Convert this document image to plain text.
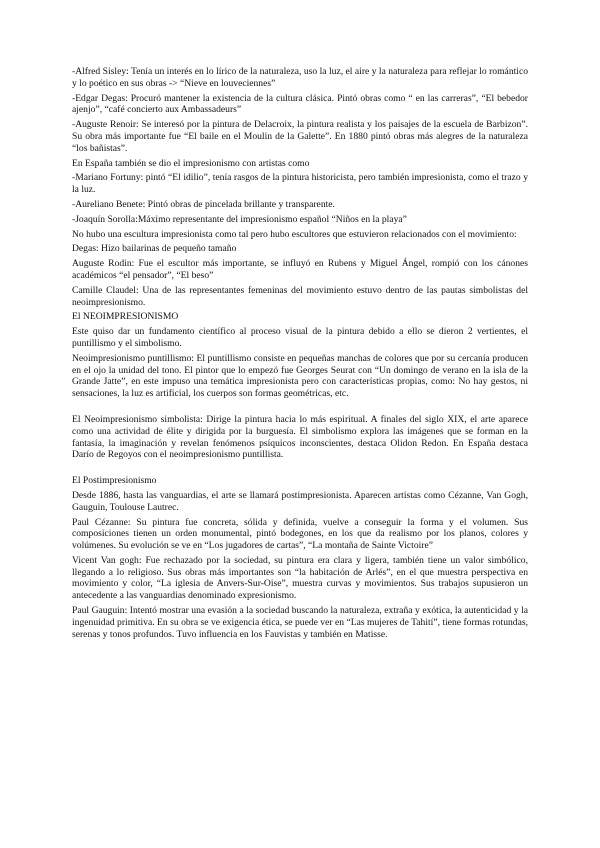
-Alfred Sisley: Tenía un interés en lo lírico de la naturaleza, uso la luz, el aire y la naturaleza para reflejar lo romántico y lo poético en sus obras -> “Nieve en louveciennes”

-Edgar Degas: Procuró mantener la existencia de la cultura clásica. Pintó obras como “ en las carreras”, “El bebedor ajenjo”, “café concierto aux Ambassadeurs”

-Auguste Renoir: Se interesó por la pintura de Delacroix, la pintura realista y los paisajes de la escuela de Barbizon”. Su obra más importante fue “El baile en el Moulin de la Galette”. En 1880 pintó obras más alegres de la naturaleza “los bañistas”.

En España también se dio el impresionismo con artistas como

-Mariano Fortuny: pintó “El idilio”, tenía rasgos de la pintura historicista, pero también impresionista, como el trazo y la luz.

-Aureliano Benete: Pintó obras de pincelada brillante y transparente.

-Joaquín Sorolla:Máximo representante del impresionismo español “Niños en la playa”

No hubo una escultura impresionista como tal pero hubo escultores que estuvieron relacionados con el movimiento:

Degas: Hizo bailarinas de pequeño tamaño

Auguste Rodin: Fue el escultor más importante, se influyó en Rubens y Miguel Ángel, rompió con los cánones académicos “el pensador”, “El beso”

Camille Claudel: Una de las representantes femeninas del movimiento estuvo dentro de las pautas simbolistas del neoimpresionismo.

El NEOIMPRESIONISMO

Este quiso dar un fundamento científico al proceso visual de la pintura debido a ello se dieron 2 vertientes, el puntillismo y el simbolismo.

Neoimpresionismo puntillismo: El puntillismo consiste en pequeñas manchas de colores que por su cercanía producen en el ojo la unidad del tono. El pintor que lo empezó fue Georges Seurat con “Un domingo de verano en la isla de la Grande Jatte”, en este impuso una temática impresionista pero con características propias, como: No hay gestos, ni sensaciones, la luz es artificial, los cuerpos son formas geométricas, etc.

El Neoimpresionismo simbolista: Dirige la pintura hacia lo más espiritual. A finales del siglo XIX, el arte aparece como una actividad de élite y dirigida por la burguesía. El simbolismo explora las imágenes que se forman en la fantasía, la imaginación y revelan fenómenos psíquicos inconscientes, destaca Olidon Redon. En España destaca Darío de Regoyos con el neoimpresionismo puntillista.

El Postimpresionismo

Desde 1886, hasta las vanguardias, el arte se llamará postimpresionista. Aparecen artistas como Cézanne, Van Gogh, Gauguin, Toulouse Lautrec.

Paul Cézanne: Su pintura fue concreta, sólida y definida, vuelve a conseguir la forma y el volumen. Sus composiciones tienen un orden monumental, pintó bodegones, en los que da realismo por los planos, colores y volúmenes. Su evolución se ve en “Los jugadores de cartas”, “La montaña de Sainte Victoire”

Vicent Van gogh: Fue rechazado por la sociedad, su pintura era clara y ligera, también tiene un valor simbólico, llegando a lo religioso. Sus obras más importantes son “la habitación de Arlés”, en el que muestra perspectiva en movimiento y color, “La iglesia de Anvers-Sur-Oise”, muestra curvas y movimientos. Sus trabajos supusieron un antecedente a las vanguardias denominado expresionismo.

Paul Gauguin: Intentó mostrar una evasión a la sociedad buscando la naturaleza, extraña y exótica, la autenticidad y la ingenuidad primitiva. En su obra se ve exigencia ética, se puede ver en “Las mujeres de Tahití”, tiene formas rotundas, serenas y tonos profundos. Tuvo influencia en los Fauvistas y también en Matisse.
